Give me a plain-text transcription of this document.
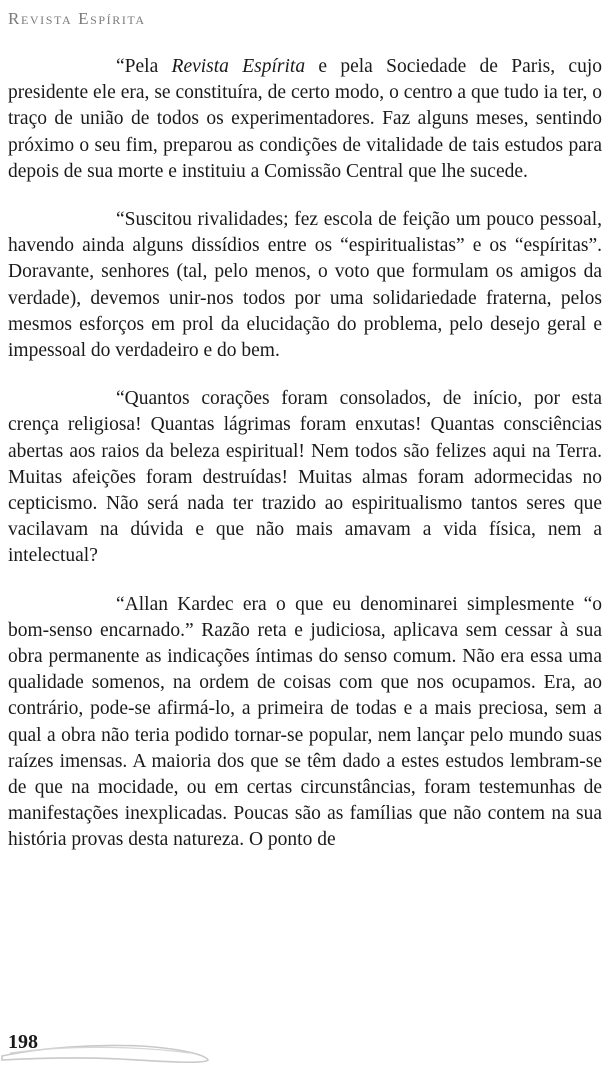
Revista Espírita

“Pela Revista Espírita e pela Sociedade de Paris, cujo presidente ele era, se constituíra, de certo modo, o centro a que tudo ia ter, o traço de união de todos os experimentadores. Faz alguns meses, sentindo próximo o seu fim, preparou as condições de vitalidade de tais estudos para depois de sua morte e instituiu a Comissão Central que lhe sucede.

“Suscitou rivalidades; fez escola de feição um pouco pessoal, havendo ainda alguns dissídios entre os “espiritualistas” e os “espíritas”. Doravante, senhores (tal, pelo menos, o voto que formulam os amigos da verdade), devemos unir-nos todos por uma solidariedade fraterna, pelos mesmos esforços em prol da elucidação do problema, pelo desejo geral e impessoal do verdadeiro e do bem.

“Quantos corações foram consolados, de início, por esta crença religiosa! Quantas lágrimas foram enxutas! Quantas consciências abertas aos raios da beleza espiritual! Nem todos são felizes aqui na Terra. Muitas afeições foram destruídas! Muitas almas foram adormecidas no cepticismo. Não será nada ter trazido ao espiritualismo tantos seres que vacilavam na dúvida e que não mais amavam a vida física, nem a intelectual?

“Allan Kardec era o que eu denominarei simplesmente “o bom-senso encarnado.” Razão reta e judiciosa, aplicava sem cessar à sua obra permanente as indicações íntimas do senso comum. Não era essa uma qualidade somenos, na ordem de coisas com que nos ocupamos. Era, ao contrário, pode-se afirmá-lo, a primeira de todas e a mais preciosa, sem a qual a obra não teria podido tornar-se popular, nem lançar pelo mundo suas raízes imensas. A maioria dos que se têm dado a estes estudos lembram-se de que na mocidade, ou em certas circunstâncias, foram testemunhas de manifestações inexplicadas. Poucas são as famílias que não contem na sua história provas desta natureza. O ponto de

198
